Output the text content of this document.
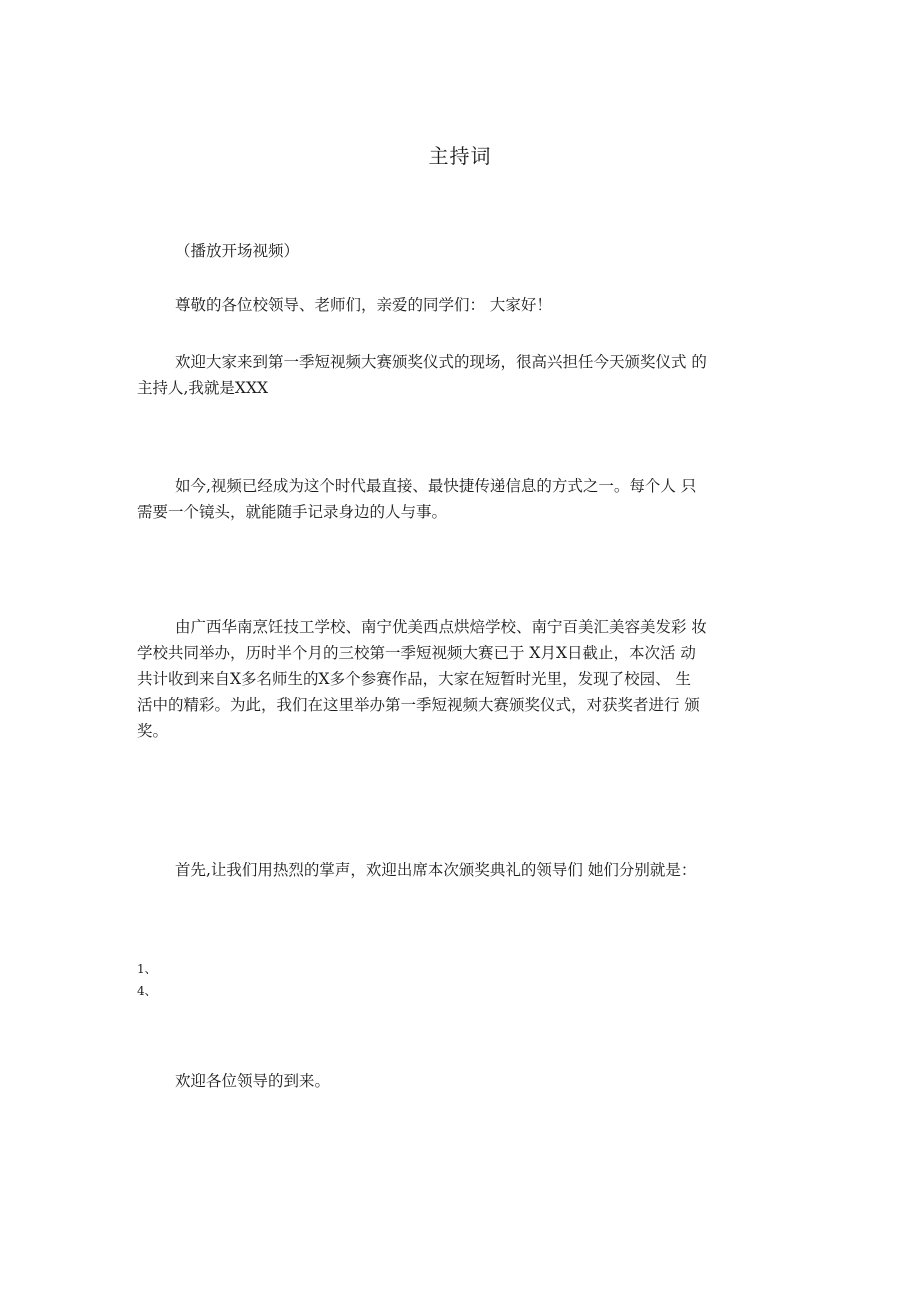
主持词

（播放开场视频）

尊敬的各位校领导、老师们，亲爱的同学们： 大家好！

欢迎大家来到第一季短视频大赛颁奖仪式的现场，很高兴担任今天颁奖仪式 的
主持人,我就是XXX

如今,视频已经成为这个时代最直接、最快捷传递信息的方式之一。每个人 只
需要一个镜头，就能随手记录身边的人与事。

由广西华南烹饪技工学校、南宁优美西点烘焙学校、南宁百美汇美容美发彩 妆
学校共同举办，历时半个月的三校第一季短视频大赛已于 X月X日截止，本次活 动
共计收到来自X多名师生的X多个参赛作品，大家在短暂时光里，发现了校园、 生
活中的精彩。为此，我们在这里举办第一季短视频大赛颁奖仪式，对获奖者进行 颁
奖。

首先,让我们用热烈的掌声，欢迎出席本次颁奖典礼的领导们 她们分别就是：

1、
4、

欢迎各位领导的到来。
